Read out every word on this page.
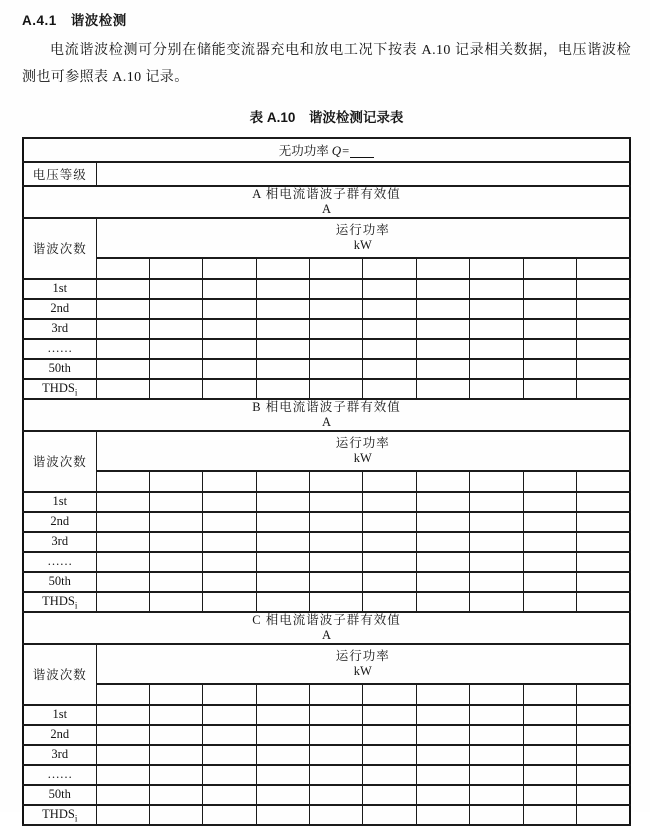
A.4.1　谐波检测

电流谐波检测可分别在储能变流器充电和放电工况下按表 A.10 记录相关数据，电压谐波检测也可参照表 A.10 记录。

表 A.10　谐波检测记录表
无功功率 Q=										
电压等级										

A 相电流谐波子群有效值
A										

谐波次数	运行功率
kW									

1st										
2nd										
3rd										
……										
50th										
$THDS_i$										

B 相电流谐波子群有效值
A										

谐波次数	运行功率
kW									

1st										
2nd										
3rd										
……										
50th										
$THDS_i$										

C 相电流谐波子群有效值
A										

谐波次数	运行功率
kW									

1st										
2nd										
3rd										
……										
50th										
$THDS_i$										
